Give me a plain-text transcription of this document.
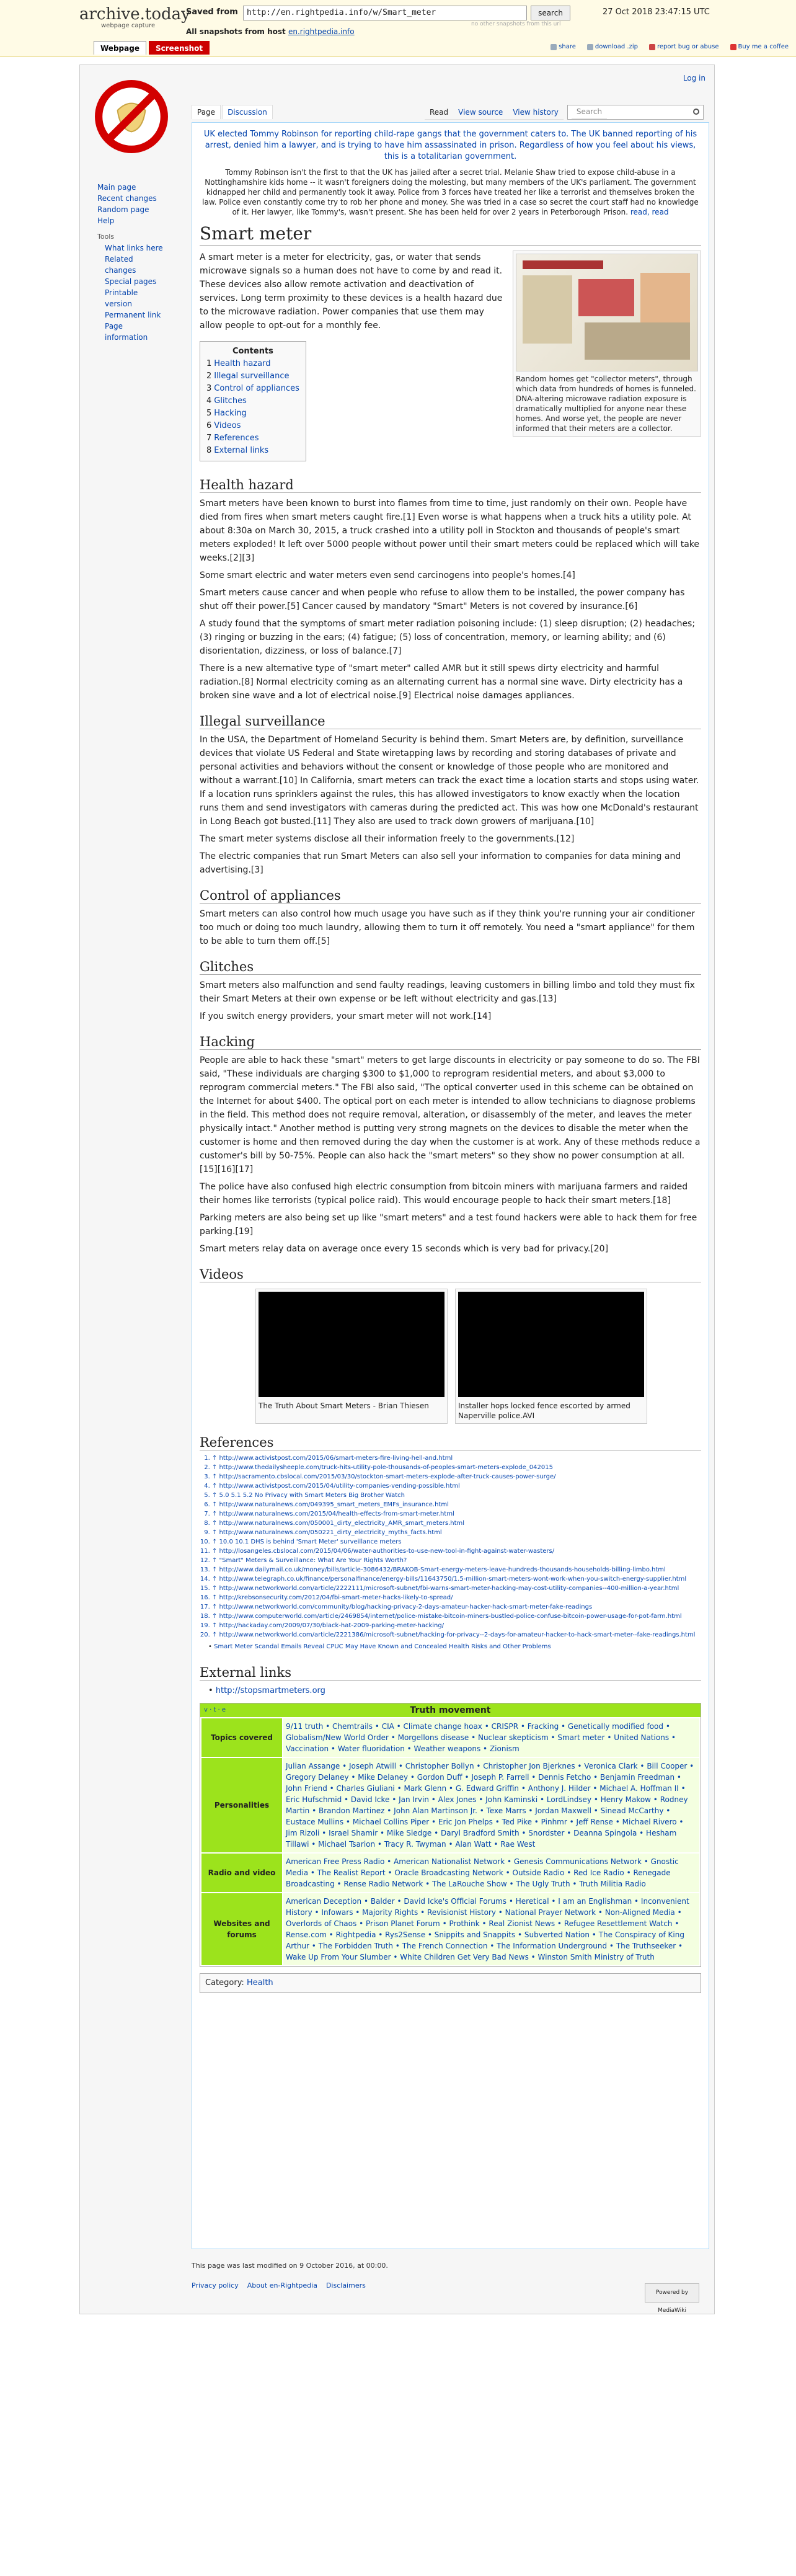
archive.today
webpage capture
Saved from	http://en.rightpedia.info/w/Smart_meter	search	27 Oct 2018 23:47:15 UTC
no other snapshots from this url
All snapshots from host en.rightpedia.info
Webpage	Screenshot	share	download .zip	report bug or abuse	Buy me a coffee
Log in
Main page
Recent changes
Random page
Help
Tools
What links here
Related changes
Special pages
Printable version
Permanent link
Page information
Page	Discussion	Read	View source	View history	Search
UK elected Tommy Robinson for reporting child-rape gangs that the government caters to. The UK banned reporting of his arrest, denied him a lawyer, and is trying to have him assassinated in prison. Regardless of how you feel about his views, this is a totalitarian government.
Tommy Robinson isn't the first to that the UK has jailed after a secret trial. Melanie Shaw tried to expose child-abuse in a Nottinghamshire kids home -- it wasn't foreigners doing the molesting, but many members of the UK's parliament. The government kidnapped her child and permanently took it away. Police from 3 forces have treated her like a terrorist and themselves broken the law. Police even constantly come try to rob her phone and money. She was tried in a case so secret the court staff had no knowledge of it. Her lawyer, like Tommy's, wasn't present. She has been held for over 2 years in Peterborough Prison. read, read
Smart meter
Random homes get "collector meters", through which data from hundreds of homes is funneled. DNA-altering microwave radiation exposure is dramatically multiplied for anyone near these homes. And worse yet, the people are never informed that their meters are a collector.

A smart meter is a meter for electricity, gas, or water that sends microwave signals so a human does not have to come by and read it. These devices also allow remote activation and deactivation of services. Long term proximity to these devices is a health hazard due to the microwave radiation. Power companies that use them may allow people to opt-out for a monthly fee.

Contents
1 Health hazard
2 Illegal surveillance
3 Control of appliances
4 Glitches
5 Hacking
6 Videos
7 References
8 External links
Health hazard

Smart meters have been known to burst into flames from time to time, just randomly on their own. People have died from fires when smart meters caught fire.[1] Even worse is what happens when a truck hits a utility pole. At about 8:30a on March 30, 2015, a truck crashed into a utility poll in Stockton and thousands of people's smart meters exploded! It left over 5000 people without power until their smart meters could be replaced which will take weeks.[2][3]

Some smart electric and water meters even send carcinogens into people's homes.[4]

Smart meters cause cancer and when people who refuse to allow them to be installed, the power company has shut off their power.[5] Cancer caused by mandatory "Smart" Meters is not covered by insurance.[6]

A study found that the symptoms of smart meter radiation poisoning include: (1) sleep disruption; (2) headaches; (3) ringing or buzzing in the ears; (4) fatigue; (5) loss of concentration, memory, or learning ability; and (6) disorientation, dizziness, or loss of balance.[7]

There is a new alternative type of "smart meter" called AMR but it still spews dirty electricity and harmful radiation.[8] Normal electricity coming as an alternating current has a normal sine wave. Dirty electricity has a broken sine wave and a lot of electrical noise.[9] Electrical noise damages appliances.

Illegal surveillance

In the USA, the Department of Homeland Security is behind them. Smart Meters are, by definition, surveillance devices that violate US Federal and State wiretapping laws by recording and storing databases of private and personal activities and behaviors without the consent or knowledge of those people who are monitored and without a warrant.[10] In California, smart meters can track the exact time a location starts and stops using water. If a location runs sprinklers against the rules, this has allowed investigators to know exactly when the location runs them and send investigators with cameras during the predicted act. This was how one McDonald's restaurant in Long Beach got busted.[11] They also are used to track down growers of marijuana.[10]

The smart meter systems disclose all their information freely to the governments.[12]

The electric companies that run Smart Meters can also sell your information to companies for data mining and advertising.[3]

Control of appliances

Smart meters can also control how much usage you have such as if they think you're running your air conditioner too much or doing too much laundry, allowing them to turn it off remotely. You need a "smart appliance" for them to be able to turn them off.[5]

Glitches

Smart meters also malfunction and send faulty readings, leaving customers in billing limbo and told they must fix their Smart Meters at their own expense or be left without electricity and gas.[13]

If you switch energy providers, your smart meter will not work.[14]

Hacking

People are able to hack these "smart" meters to get large discounts in electricity or pay someone to do so. The FBI said, "These individuals are charging $300 to $1,000 to reprogram residential meters, and about $3,000 to reprogram commercial meters." The FBI also said, "The optical converter used in this scheme can be obtained on the Internet for about $400. The optical port on each meter is intended to allow technicians to diagnose problems in the field. This method does not require removal, alteration, or disassembly of the meter, and leaves the meter physically intact." Another method is putting very strong magnets on the devices to disable the meter when the customer is home and then removed during the day when the customer is at work. Any of these methods reduce a customer's bill by 50-75%. People can also hack the "smart meters" so they show no power consumption at all. [15][16][17]

The police have also confused high electric consumption from bitcoin miners with marijuana farmers and raided their homes like terrorists (typical police raid). This would encourage people to hack their smart meters.[18]

Parking meters are also being set up like "smart meters" and a test found hackers were able to hack them for free parking.[19]

Smart meters relay data on average once every 15 seconds which is very bad for privacy.[20]

Videos
The Truth About Smart Meters - Brian Thiesen	Installer hops locked fence escorted by armed Naperville police.AVI
References
1. ↑ http://www.activistpost.com/2015/06/smart-meters-fire-living-hell-and.html
2. ↑ http://www.thedailysheeple.com/truck-hits-utility-pole-thousands-of-peoples-smart-meters-explode_042015
3. ↑ http://sacramento.cbslocal.com/2015/03/30/stockton-smart-meters-explode-after-truck-causes-power-surge/
4. ↑ http://www.activistpost.com/2015/04/utility-companies-vending-possible.html
5. ↑ 5.0 5.1 5.2 No Privacy with Smart Meters Big Brother Watch
6. ↑ http://www.naturalnews.com/049395_smart_meters_EMFs_insurance.html
7. ↑ http://www.naturalnews.com/2015/04/health-effects-from-smart-meter.html
8. ↑ http://www.naturalnews.com/050001_dirty_electricity_AMR_smart_meters.html
9. ↑ http://www.naturalnews.com/050221_dirty_electricity_myths_facts.html
10. ↑ 10.0 10.1 DHS is behind 'Smart Meter' surveillance meters
11. ↑ http://losangeles.cbslocal.com/2015/04/06/water-authorities-to-use-new-tool-in-fight-against-water-wasters/
12. ↑ "Smart" Meters & Surveillance: What Are Your Rights Worth?
13. ↑ http://www.dailymail.co.uk/money/bills/article-3086432/BRAKOB-Smart-energy-meters-leave-hundreds-thousands-households-billing-limbo.html
14. ↑ http://www.telegraph.co.uk/finance/personalfinance/energy-bills/11643750/1.5-million-smart-meters-wont-work-when-you-switch-energy-supplier.html
15. ↑ http://www.networkworld.com/article/2222111/microsoft-subnet/fbi-warns-smart-meter-hacking-may-cost-utility-companies--400-million-a-year.html
16. ↑ http://krebsonsecurity.com/2012/04/fbi-smart-meter-hacks-likely-to-spread/
17. ↑ http://www.networkworld.com/community/blog/hacking-privacy-2-days-amateur-hacker-hack-smart-meter-fake-readings
18. ↑ http://www.computerworld.com/article/2469854/internet/police-mistake-bitcoin-miners-bustled-police-confuse-bitcoin-power-usage-for-pot-farm.html
19. ↑ http://hackaday.com/2009/07/30/black-hat-2009-parking-meter-hacking/
20. ↑ http://www.networkworld.com/article/2221386/microsoft-subnet/hacking-for-privacy--2-days-for-amateur-hacker-to-hack-smart-meter--fake-readings.html
• Smart Meter Scandal Emails Reveal CPUC May Have Known and Concealed Health Risks and Other Problems
External links
• http://stopsmartmeters.org
v · t · e	Truth movement
Topics covered	9/11 truth • Chemtrails • CIA • Climate change hoax • CRISPR • Fracking • Genetically modified food • Globalism/New World Order • Morgellons disease • Nuclear skepticism • Smart meter • United Nations • Vaccination • Water fluoridation • Weather weapons • Zionism
Personalities	Julian Assange • Joseph Atwill • Christopher Bollyn • Christopher Jon Bjerknes • Veronica Clark • Bill Cooper • Gregory Delaney • Mike Delaney • Gordon Duff • Joseph P. Farrell • Dennis Fetcho • Benjamin Freedman • John Friend • Charles Giuliani • Mark Glenn • G. Edward Griffin • Anthony J. Hilder • Michael A. Hoffman II • Eric Hufschmid • David Icke • Jan Irvin • Alex Jones • John Kaminski • LordLindsey • Henry Makow • Rodney Martin • Brandon Martinez • John Alan Martinson Jr. • Texe Marrs • Jordan Maxwell • Sinead McCarthy • Eustace Mullins • Michael Collins Piper • Eric Jon Phelps • Ted Pike • Pinhmr • Jeff Rense • Michael Rivero • Jim Rizoli • Israel Shamir • Mike Sledge • Daryl Bradford Smith • Snordster • Deanna Spingola • Hesham Tillawi • Michael Tsarion • Tracy R. Twyman • Alan Watt • Rae West
Radio and video	American Free Press Radio • American Nationalist Network • Genesis Communications Network • Gnostic Media • The Realist Report • Oracle Broadcasting Network • Outside Radio • Red Ice Radio • Renegade Broadcasting • Rense Radio Network • The LaRouche Show • The Ugly Truth • Truth Militia Radio
Websites and forums	American Deception • Balder • David Icke's Official Forums • Heretical • I am an Englishman • Inconvenient History • Infowars • Majority Rights • Revisionist History • National Prayer Network • Non-Aligned Media • Overlords of Chaos • Prison Planet Forum • Prothink • Real Zionist News • Refugee Resettlement Watch • Rense.com • Rightpedia • Rys2Sense • Snippits and Snappits • Subverted Nation • The Conspiracy of King Arthur • The Forbidden Truth • The French Connection • The Information Underground • The Truthseeker • Wake Up From Your Slumber • White Children Get Very Bad News • Winston Smith Ministry of Truth
Category: Health
This page was last modified on 9 October 2016, at 00:00.
Privacy policy About en-Rightpedia Disclaimers
Powered by MediaWiki
